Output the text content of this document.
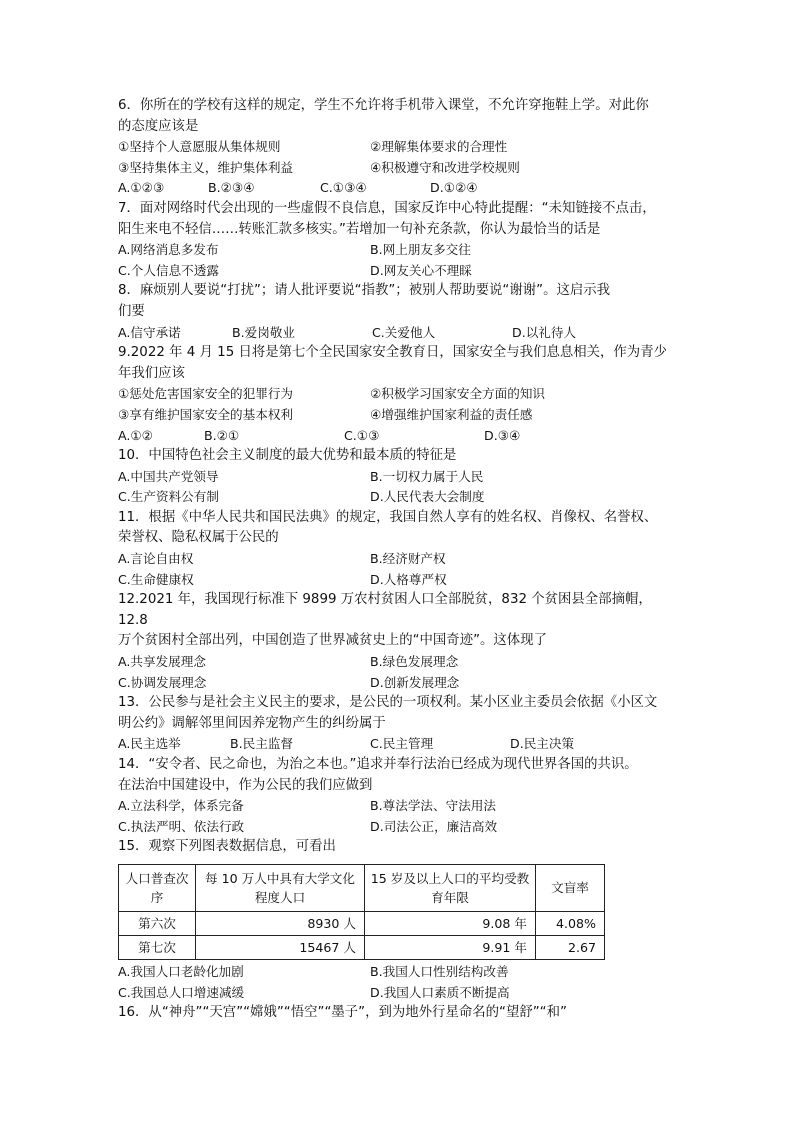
6．你所在的学校有这样的规定，学生不允许将手机带入课堂，不允许穿拖鞋上学。对此你

的态度应该是

①坚持个人意愿服从集体规则	②理解集体要求的合理性
③坚持集体主义，维护集体利益	④积极遵守和改进学校规则
A.①②③	B.②③④	C.①③④	D.①②④

7．面对网络时代会出现的一些虚假不良信息，国家反诈中心特此提醒：“未知链接不点击，

阳生来电不轻信……转账汇款多核实。”若增加一句补充条款，你认为最恰当的话是

A.网络消息多发布	B.网上朋友多交往
C.个人信息不透露	D.网友关心不理睬

8．麻烦别人要说“打扰”；请人批评要说“指教”；被别人帮助要说“谢谢”。这启示我

们要

A.信守承诺	B.爱岗敬业	C.关爱他人	D.以礼待人

9.2022 年 4 月 15 日将是第七个全民国家安全教育日，国家安全与我们息息相关，作为青少

年我们应该

①惩处危害国家安全的犯罪行为	②积极学习国家安全方面的知识
③享有维护国家安全的基本权利	④增强维护国家利益的责任感
A.①②	B.②①	C.①③	D.③④

10．中国特色社会主义制度的最大优势和最本质的特征是

A.中国共产党领导	B.一切权力属于人民
C.生产资料公有制	D.人民代表大会制度

11．根据《中华人民共和国民法典》的规定，我国自然人享有的姓名权、肖像权、名誉权、

荣誉权、隐私权属于公民的

A.言论自由权	B.经济财产权
C.生命健康权	D.人格尊严权

12.2021 年，我国现行标准下 9899 万农村贫困人口全部脱贫，832 个贫困县全部摘帽，12.8

万个贫困村全部出列，中国创造了世界减贫史上的“中国奇迹”。这体现了

A.共享发展理念	B.绿色发展理念
C.协调发展理念	D.创新发展理念

13．公民参与是社会主义民主的要求，是公民的一项权利。某小区业主委员会依据《小区文

明公约》调解邻里间因养宠物产生的纠纷属于

A.民主选举	B.民主监督	C.民主管理	D.民主决策

14．“安令者、民之命也，为治之本也。”追求并奉行法治已经成为现代世界各国的共识。

在法治中国建设中，作为公民的我们应做到

A.立法科学，体系完备	B.尊法学法、守法用法
C.执法严明、依法行政	D.司法公正，廉洁高效

15．观察下列图表数据信息，可看出

人口普查次序	每 10 万人中具有大学文化程度人口	15 岁及以上人口的平均受教育年限	文盲率
第六次	8930 人	9.08 年	4.08%
第七次	15467 人	9.91 年	2.67
A.我国人口老龄化加剧	B.我国人口性别结构改善
C.我国总人口增速减缓	D.我国人口素质不断提高

16．从“神舟”“天宫”“嫦娥”“悟空”“墨子”，到为地外行星命名的“望舒”“和”
